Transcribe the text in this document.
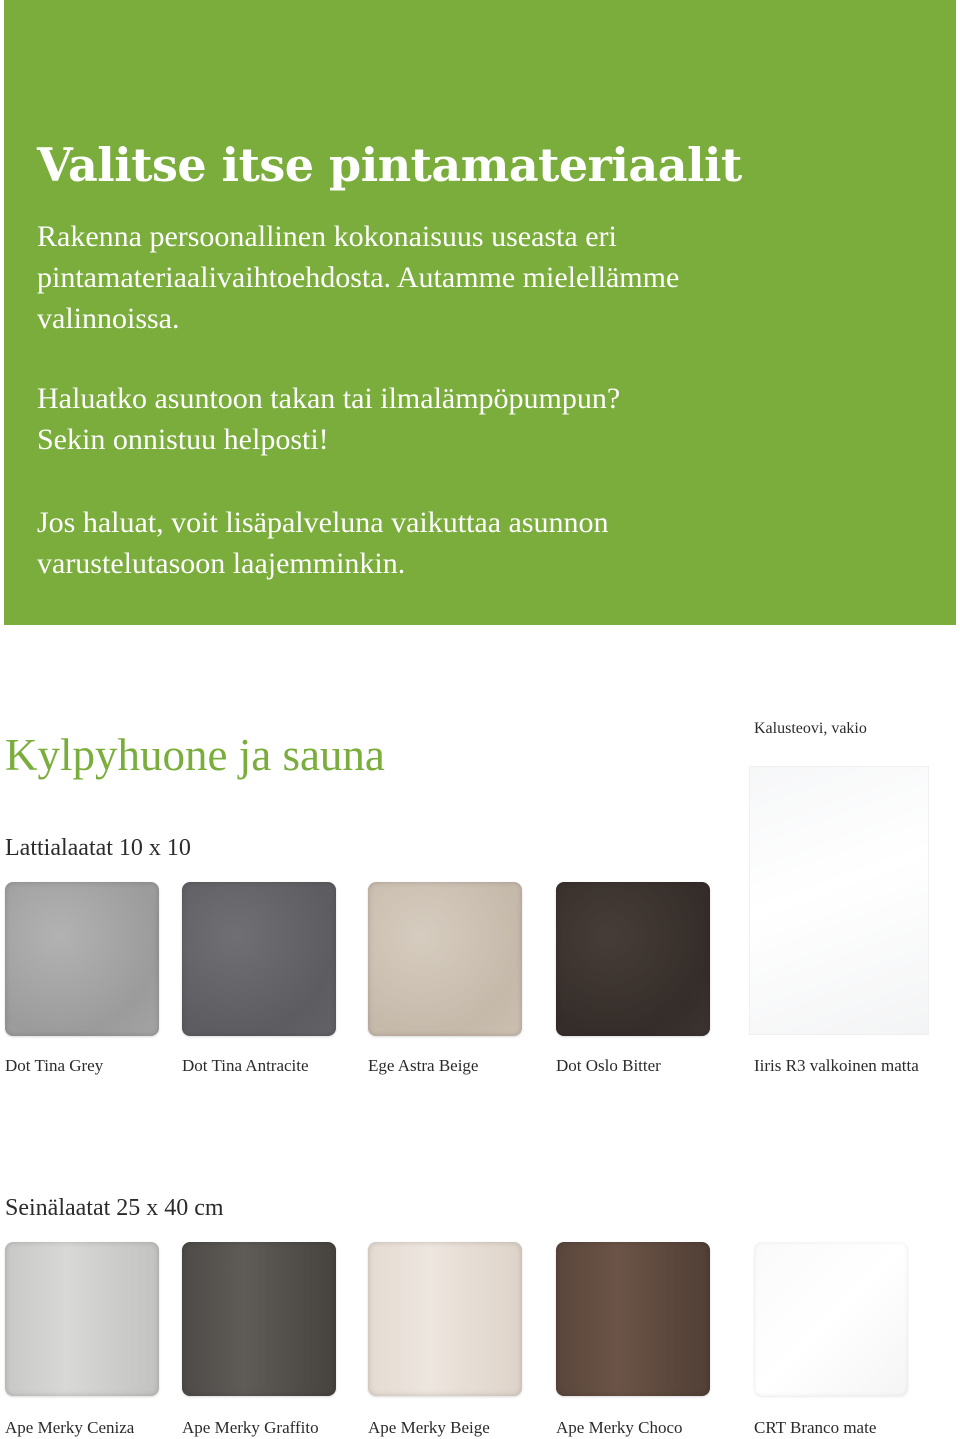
Valitse itse pintamateriaalit

Rakenna persoonallinen kokonaisuus useasta eri
pintamateriaalivaihtoehdosta. Autamme mielellämme
valinnoissa.

Haluatko asuntoon takan tai ilmalämpöpumpun?
Sekin onnistuu helposti!

Jos haluat, voit lisäpalveluna vaikuttaa asunnon
varustelutasoon laajemminkin.

Kylpyhuone ja sauna
Kalusteovi, vakio
Lattialaatat 10 x 10
Dot Tina Grey	Dot Tina Antracite	Ege Astra Beige	Dot Oslo Bitter	Iiris R3 valkoinen matta
Seinälaatat 25 x 40 cm
Ape Merky Ceniza	Ape Merky Graffito	Ape Merky Beige	Ape Merky Choco	CRT Branco mate
